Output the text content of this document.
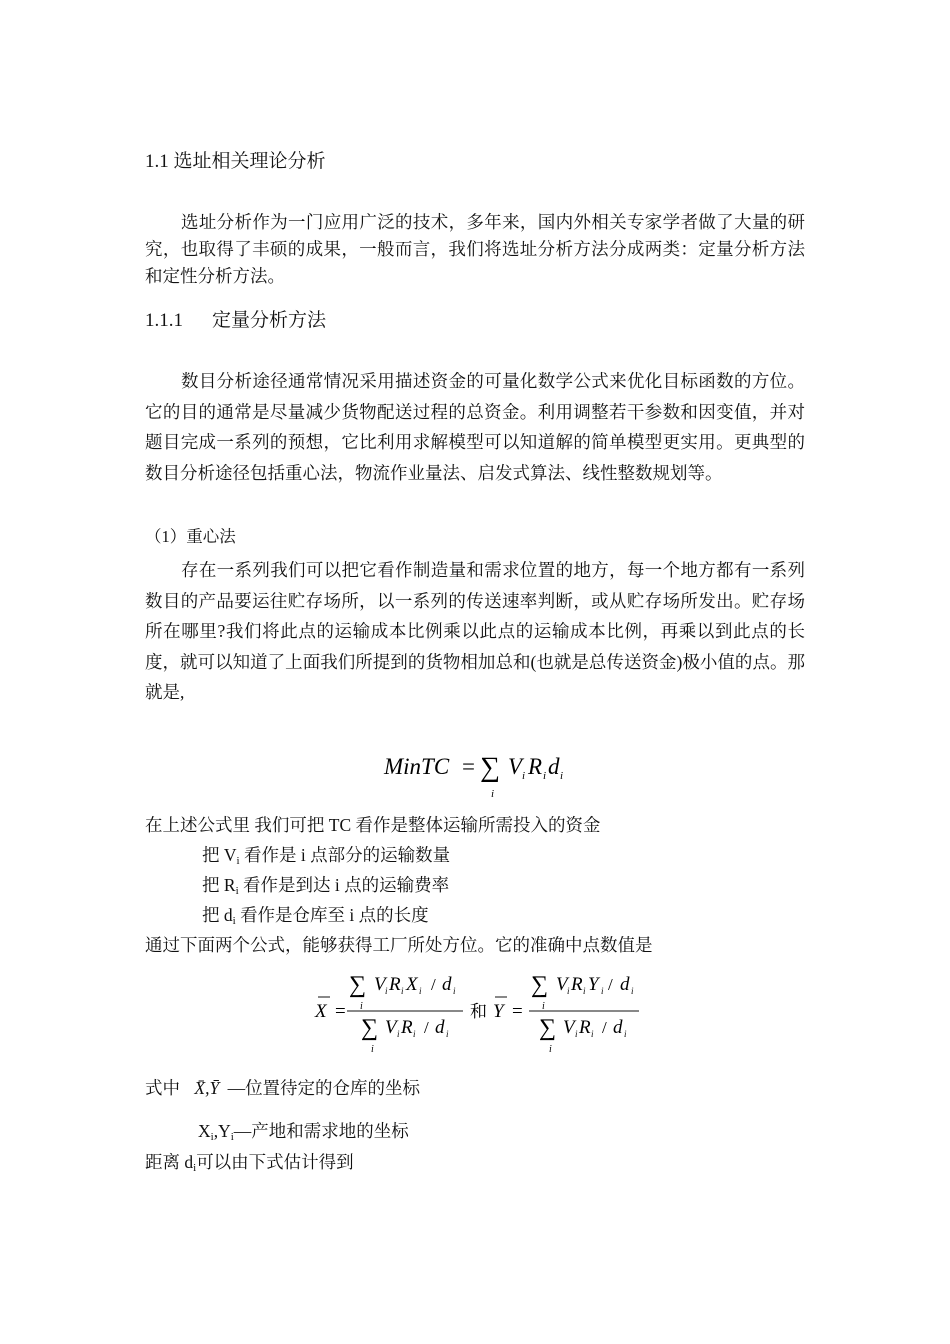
1.1 选址相关理论分析
选址分析作为一门应用广泛的技术，多年来，国内外相关专家学者做了大量的研究，也取得了丰硕的成果，一般而言，我们将选址分析方法分成两类：定量分析方法和定性分析方法。
1.1.1 定量分析方法
数目分析途径通常情况采用描述资金的可量化数学公式来优化目标函数的方位。它的目的通常是尽量减少货物配送过程的总资金。利用调整若干参数和因变值，并对题目完成一系列的预想，它比利用求解模型可以知道解的简单模型更实用。更典型的数目分析途径包括重心法，物流作业量法、启发式算法、线性整数规划等。
（1）重心法
存在一系列我们可以把它看作制造量和需求位置的地方，每一个地方都有一系列数目的产品要运往贮存场所，以一系列的传送速率判断，或从贮存场所发出。贮存场所在哪里?我们将此点的运输成本比例乘以此点的运输成本比例，再乘以到此点的长度，就可以知道了上面我们所提到的货物相加总和(也就是总传送资金)极小值的点。那就是,
MinTC = ∑
i
V i R i d i
在上述公式里 我们可把 TC 看作是整体运输所需投入的资金
把 $V_i$ 看作是 i 点部分的运输数量
把 $R_i$ 看作是到达 i 点的运输费率
把 $d_i$ 看作是仓库至 i 点的长度
通过下面两个公式，能够获得工厂所处方位。它的准确中点数值是
X =
∑
i
V i R i X i / d i
∑
i
V i R i / d i
和 Y =
∑
i
V i R i Y i / d i
∑
i
V i R i / d i
式中 X̄,Ȳ —位置待定的仓库的坐标
$X_i,Y_i—$产地和需求地的坐标
距离 $d_i$可以由下式估计得到
